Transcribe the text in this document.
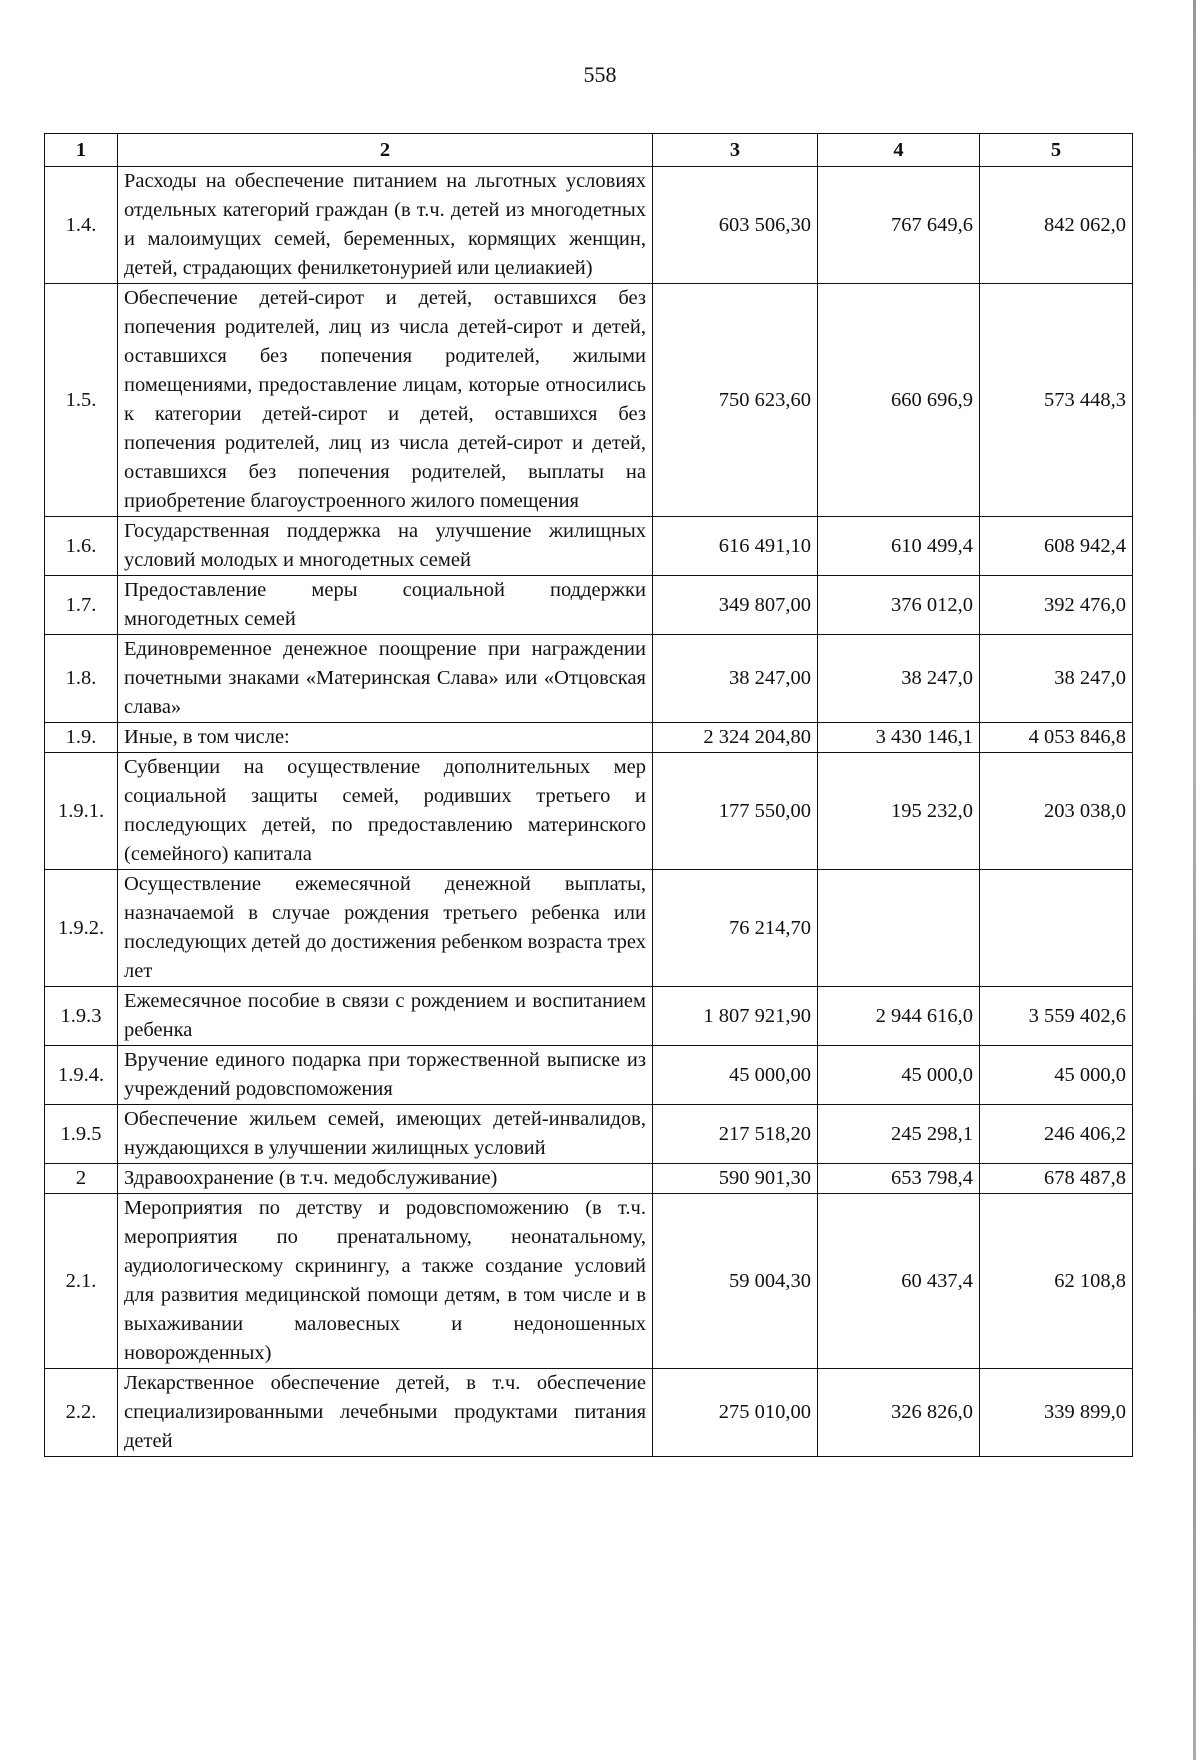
558
1	2	3	4	5
1.4.	Расходы на обеспечение питанием на льготных условиях отдельных категорий граждан (в т.ч. детей из многодетных и малоимущих семей, беременных, кормящих женщин, детей, страдающих фенилкетонурией или целиакией)	603 506,30	767 649,6	842 062,0
1.5.	Обеспечение детей-сирот и детей, оставшихся без попечения родителей, лиц из числа детей-сирот и детей, оставшихся без попечения родителей, жилыми помещениями, предоставление лицам, которые относились к категории детей-сирот и детей, оставшихся без попечения родителей, лиц из числа детей-сирот и детей, оставшихся без попечения родителей, выплаты на приобретение благоустроенного жилого помещения	750 623,60	660 696,9	573 448,3
1.6.	Государственная поддержка на улучшение жилищных условий молодых и многодетных семей	616 491,10	610 499,4	608 942,4
1.7.	Предоставление меры социальной поддержки многодетных семей	349 807,00	376 012,0	392 476,0
1.8.	Единовременное денежное поощрение при награждении почетными знаками «Материнская Слава» или «Отцовская слава»	38 247,00	38 247,0	38 247,0
1.9.	Иные, в том числе:	2 324 204,80	3 430 146,1	4 053 846,8
1.9.1.	Субвенции на осуществление дополнительных мер социальной защиты семей, родивших третьего и последующих детей, по предоставлению материнского (семейного) капитала	177 550,00	195 232,0	203 038,0
1.9.2.	Осуществление ежемесячной денежной выплаты, назначаемой в случае рождения третьего ребенка или последующих детей до достижения ребенком возраста трех лет	76 214,70		
1.9.3	Ежемесячное пособие в связи с рождением и воспитанием ребенка	1 807 921,90	2 944 616,0	3 559 402,6
1.9.4.	Вручение единого подарка при торжественной выписке из учреждений родовспоможения	45 000,00	45 000,0	45 000,0
1.9.5	Обеспечение жильем семей, имеющих детей-инвалидов, нуждающихся в улучшении жилищных условий	217 518,20	245 298,1	246 406,2
2	Здравоохранение (в т.ч. медобслуживание)	590 901,30	653 798,4	678 487,8
2.1.	Мероприятия по детству и родовспоможению (в т.ч. мероприятия по пренатальному, неонатальному, аудиологическому скринингу, а также создание условий для развития медицинской помощи детям, в том числе и в выхаживании маловесных и недоношенных новорожденных)	59 004,30	60 437,4	62 108,8
2.2.	Лекарственное обеспечение детей, в т.ч. обеспечение специализированными лечебными продуктами питания детей	275 010,00	326 826,0	339 899,0
